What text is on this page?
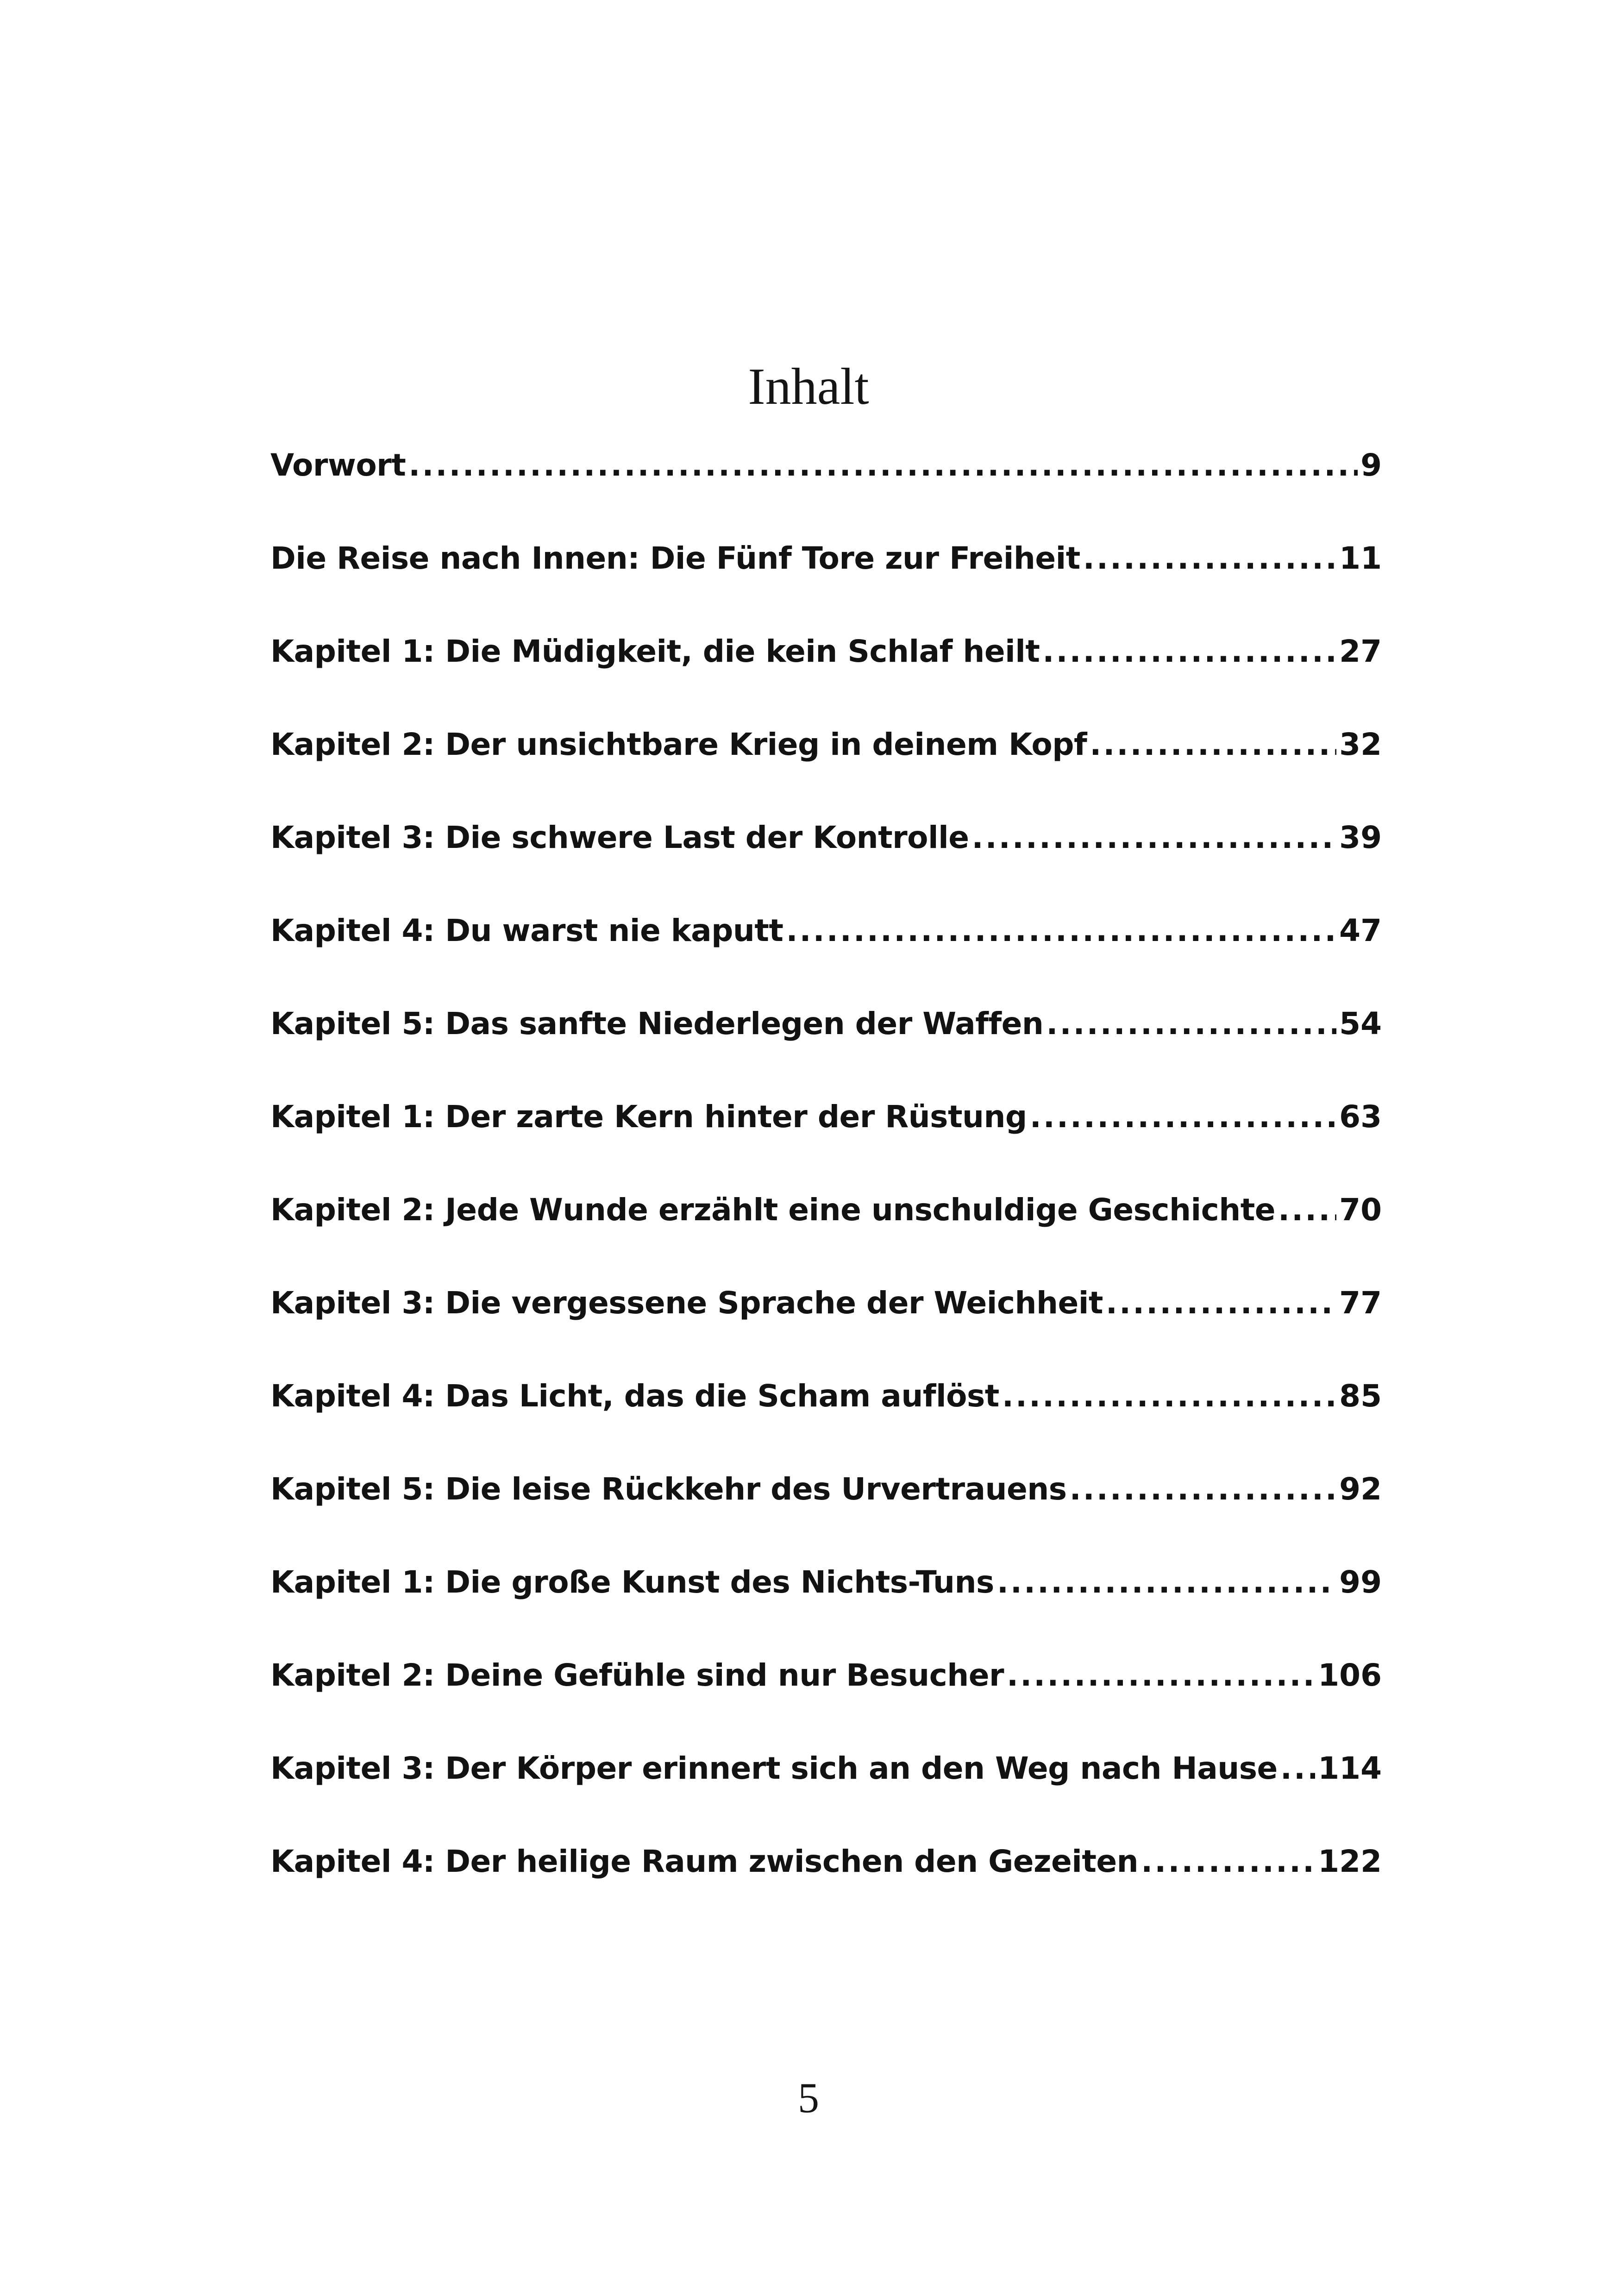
Inhalt
Vorwort .....	9
Die Reise nach Innen: Die Fünf Tore zur Freiheit .....	11
Kapitel 1: Die Müdigkeit, die kein Schlaf heilt .....	27
Kapitel 2: Der unsichtbare Krieg in deinem Kopf .....	32
Kapitel 3: Die schwere Last der Kontrolle .....	39
Kapitel 4: Du warst nie kaputt .....	47
Kapitel 5: Das sanfte Niederlegen der Waffen .....	54
Kapitel 1: Der zarte Kern hinter der Rüstung .....	63
Kapitel 2: Jede Wunde erzählt eine unschuldige Geschichte ..... 70
Kapitel 3: Die vergessene Sprache der Weichheit .....	77
Kapitel 4: Das Licht, das die Scham auflöst .....	85
Kapitel 5: Die leise Rückkehr des Urvertrauens .....	92
Kapitel 1: Die große Kunst des Nichts-Tuns .....	99
Kapitel 2: Deine Gefühle sind nur Besucher .....	106
Kapitel 3: Der Körper erinnert sich an den Weg nach Hause ..... 114
Kapitel 4: Der heilige Raum zwischen den Gezeiten .....	122
5
